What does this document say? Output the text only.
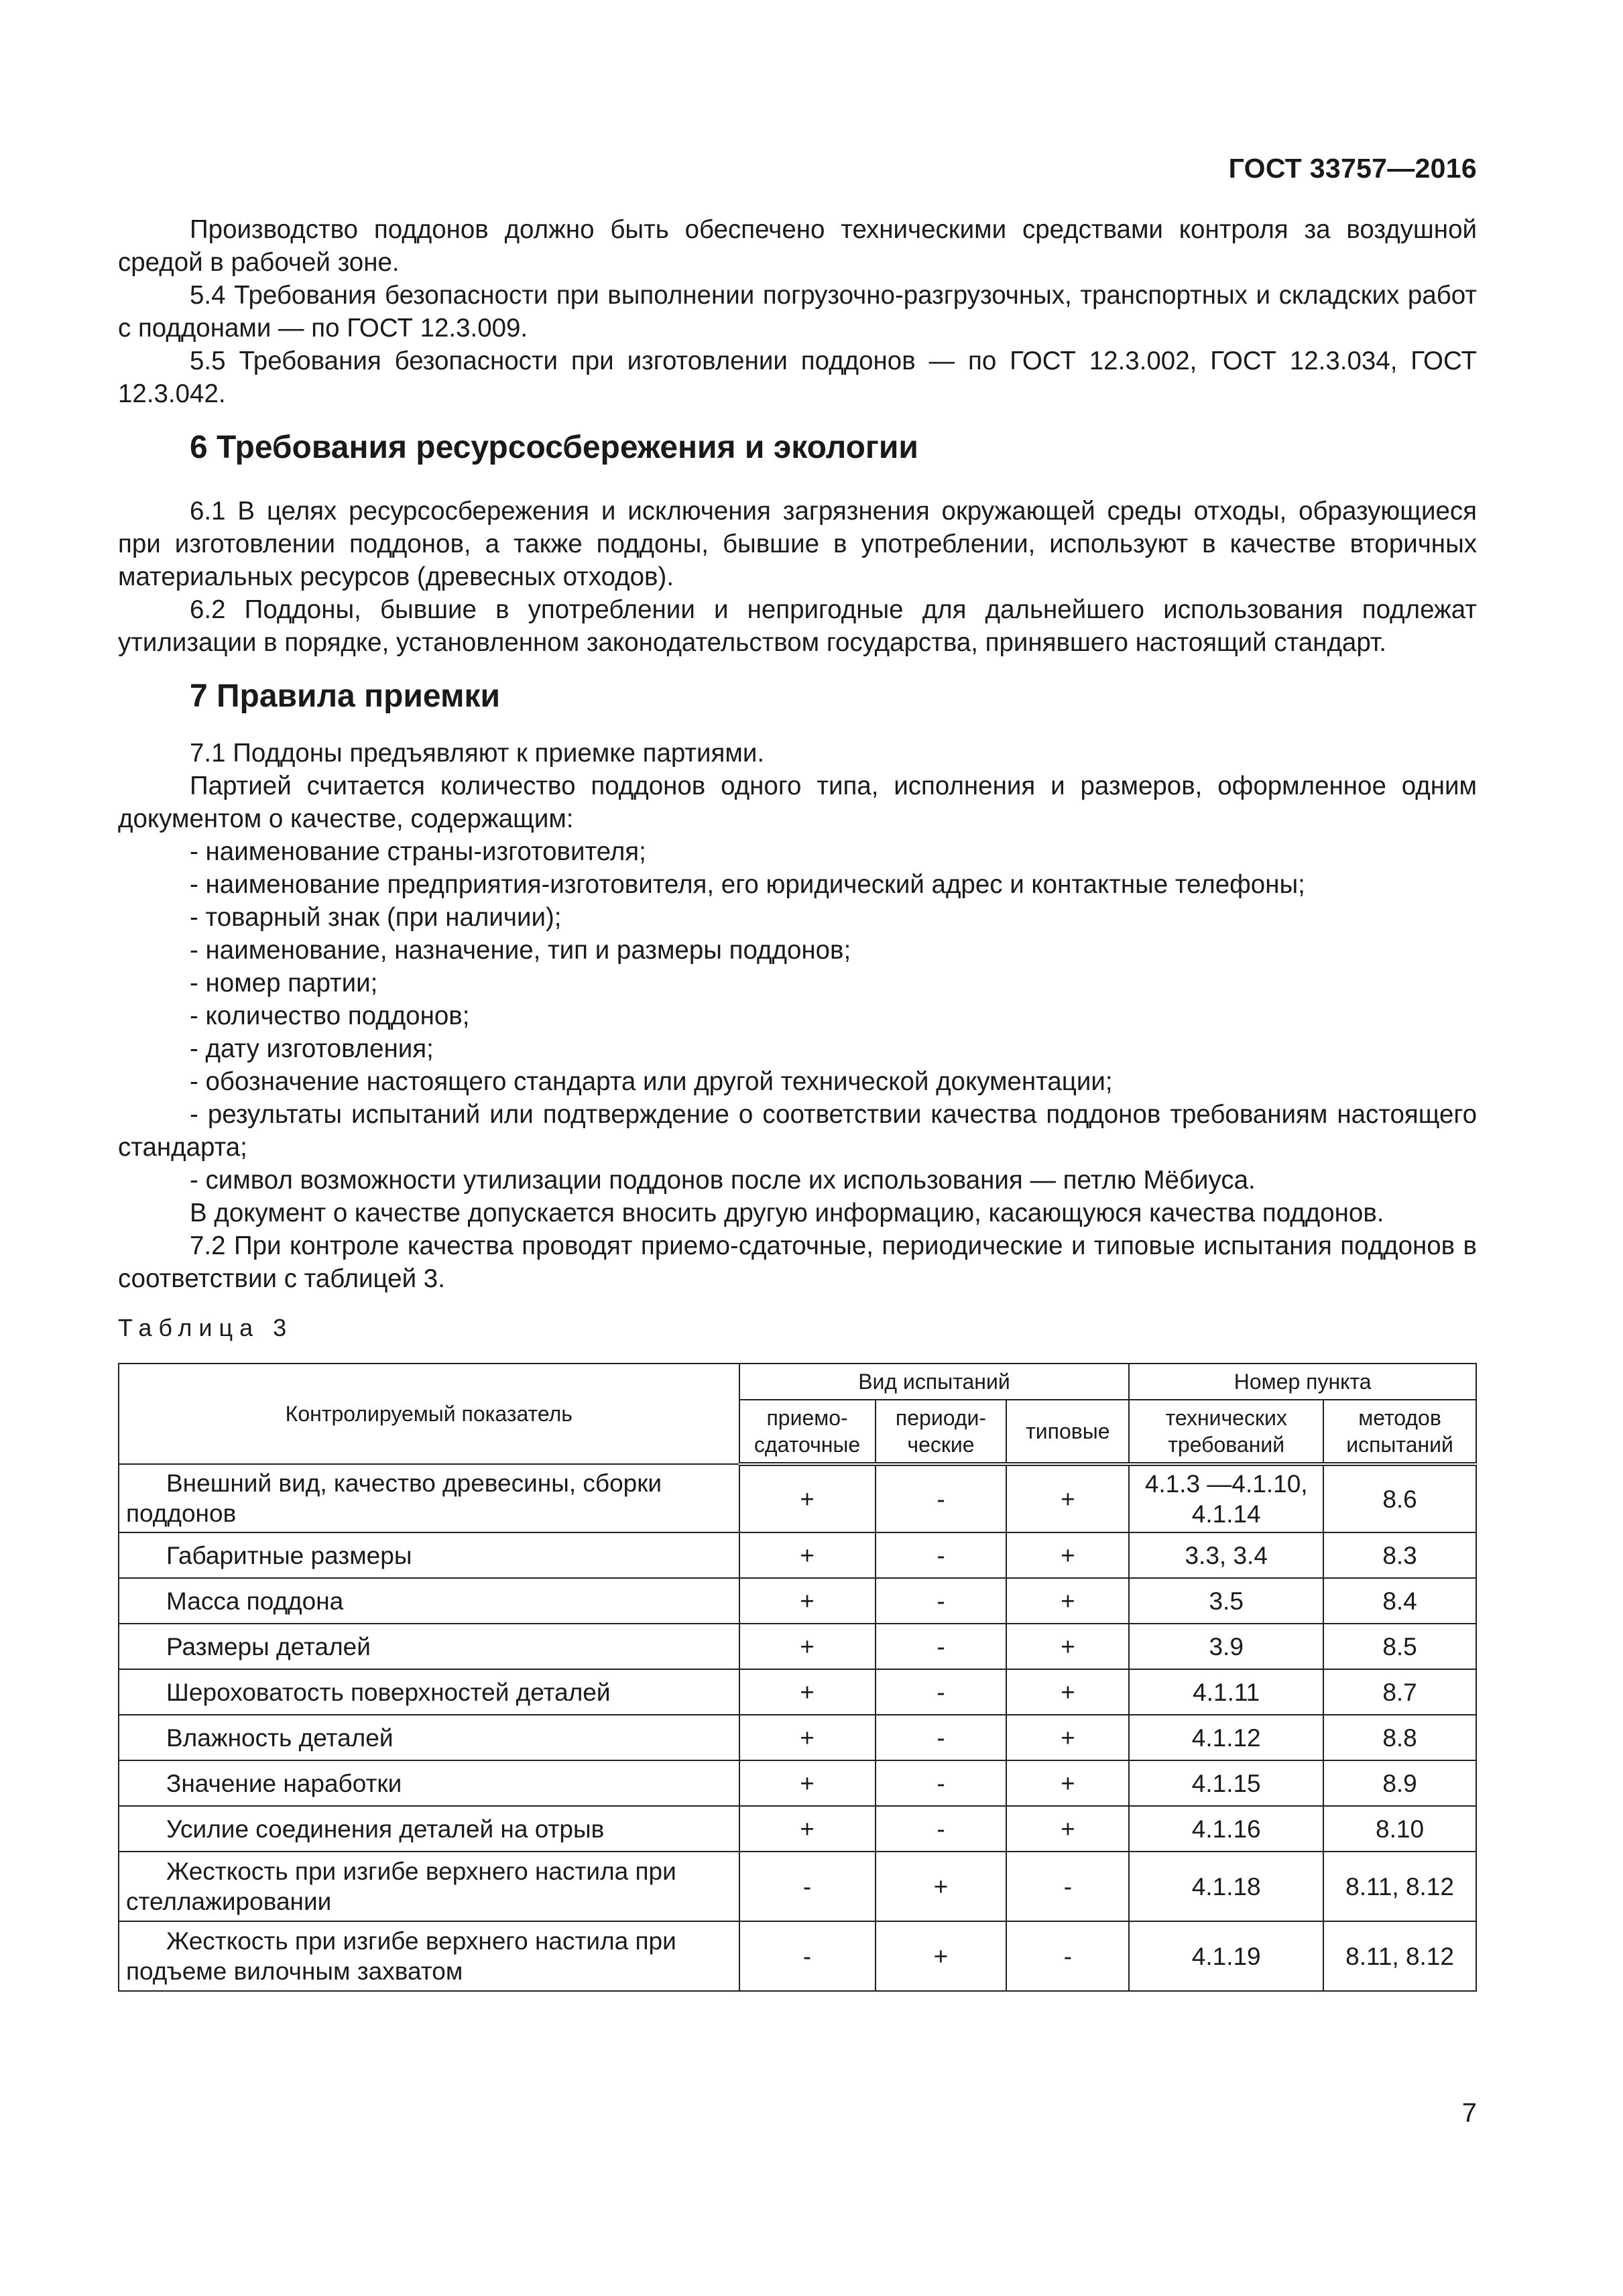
ГОСТ 33757—2016

Производство поддонов должно быть обеспечено техническими средствами контроля за воздушной средой в рабочей зоне.

5.4 Требования безопасности при выполнении погрузочно-разгрузочных, транспортных и складских работ с поддонами — по ГОСТ 12.3.009.

5.5 Требования безопасности при изготовлении поддонов — по ГОСТ 12.3.002, ГОСТ 12.3.034, ГОСТ 12.3.042.

6 Требования ресурсосбережения и экологии

6.1 В целях ресурсосбережения и исключения загрязнения окружающей среды отходы, образующиеся при изготовлении поддонов, а также поддоны, бывшие в употреблении, используют в качестве вторичных материальных ресурсов (древесных отходов).

6.2 Поддоны, бывшие в употреблении и непригодные для дальнейшего использования подлежат утилизации в порядке, установленном законодательством государства, принявшего настоящий стандарт.

7 Правила приемки

7.1 Поддоны предъявляют к приемке партиями.

Партией считается количество поддонов одного типа, исполнения и размеров, оформленное одним документом о качестве, содержащим:

- наименование страны-изготовителя;

- наименование предприятия-изготовителя, его юридический адрес и контактные телефоны;

- товарный знак (при наличии);

- наименование, назначение, тип и размеры поддонов;

- номер партии;

- количество поддонов;

- дату изготовления;

- обозначение настоящего стандарта или другой технической документации;

- результаты испытаний или подтверждение о соответствии качества поддонов требованиям настоящего стандарта;

- символ возможности утилизации поддонов после их использования — петлю Мёбиуса.

В документ о качестве допускается вносить другую информацию, касающуюся качества поддонов.

7.2 При контроле качества проводят приемо-сдаточные, периодические и типовые испытания поддонов в соответствии с таблицей 3.

Таблица 3
Контролируемый показатель	Вид испытаний			Номер пункта	
	приемо-сдаточные	периоди-ческие	типовые	технических требований	методов испытаний
Внешний вид, качество древесины, сборки поддонов	+	-	+	4.1.3 —4.1.10, 4.1.14	8.6
Габаритные размеры	+	-	+	3.3, 3.4	8.3
Масса поддона	+	-	+	3.5	8.4
Размеры деталей	+	-	+	3.9	8.5
Шероховатость поверхностей деталей	+	-	+	4.1.11	8.7
Влажность деталей	+	-	+	4.1.12	8.8
Значение наработки	+	-	+	4.1.15	8.9
Усилие соединения деталей на отрыв	+	-	+	4.1.16	8.10
Жесткость при изгибе верхнего настила при стеллажировании	-	+	-	4.1.18	8.11, 8.12
Жесткость при изгибе верхнего настила при подъеме вилочным захватом	-	+	-	4.1.19	8.11, 8.12
7
